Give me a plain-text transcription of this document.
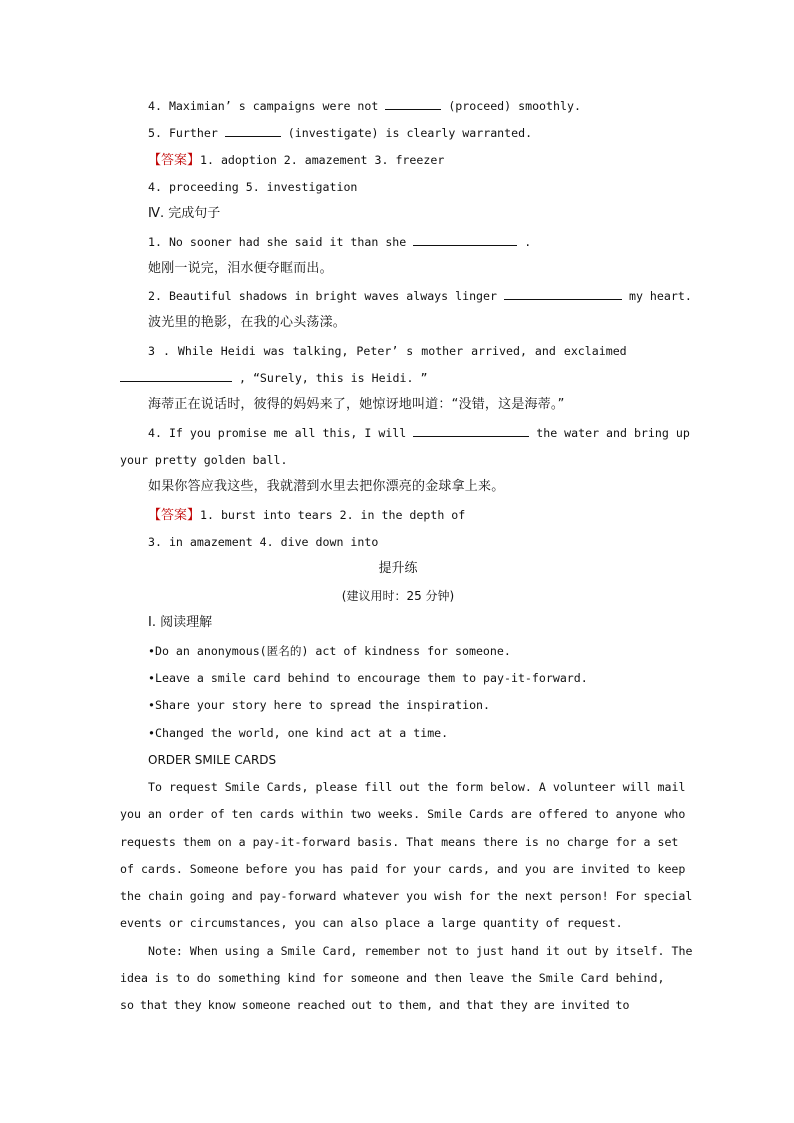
4. Maximian’ s campaigns were not	(proceed) smoothly.
5. Further	(investigate) is clearly warranted.
【答案】1. adoption 2. amazement 3. freezer
4. proceeding 5. investigation
Ⅳ. 完成句子
1. No sooner had she said it than she	.
她刚一说完，泪水便夺眶而出。
2. Beautiful shadows in bright waves always linger	my heart.
波光里的艳影，在我的心头荡漾。
3 . While Heidi was talking, Peter’ s mother arrived, and exclaimed
, “Surely, this is Heidi. ”
海蒂正在说话时，彼得的妈妈来了，她惊讶地叫道：“没错，这是海蒂。”
4. If you promise me all this, I will	the water and bring up
your pretty golden ball.
如果你答应我这些，我就潜到水里去把你漂亮的金球拿上来。
【答案】1. burst into tears 2. in the depth of
3. in amazement 4. dive down into
提升练
(建议用时：25 分钟)
Ⅰ. 阅读理解
•Do an anonymous(匿名的) act of kindness for someone.
•Leave a smile card behind to encourage them to pay-it-forward.
•Share your story here to spread the inspiration.
•Changed the world, one kind act at a time.
ORDER SMILE CARDS
To request Smile Cards, please fill out the form below. A volunteer will mail
you an order of ten cards within two weeks. Smile Cards are offered to anyone who
requests them on a pay-it-forward basis. That means there is no charge for a set
of cards. Someone before you has paid for your cards, and you are invited to keep
the chain going and pay-forward whatever you wish for the next person! For special
events or circumstances, you can also place a large quantity of request.
Note: When using a Smile Card, remember not to just hand it out by itself. The
idea is to do something kind for someone and then leave the Smile Card behind,
so that they know someone reached out to them, and that they are invited to
